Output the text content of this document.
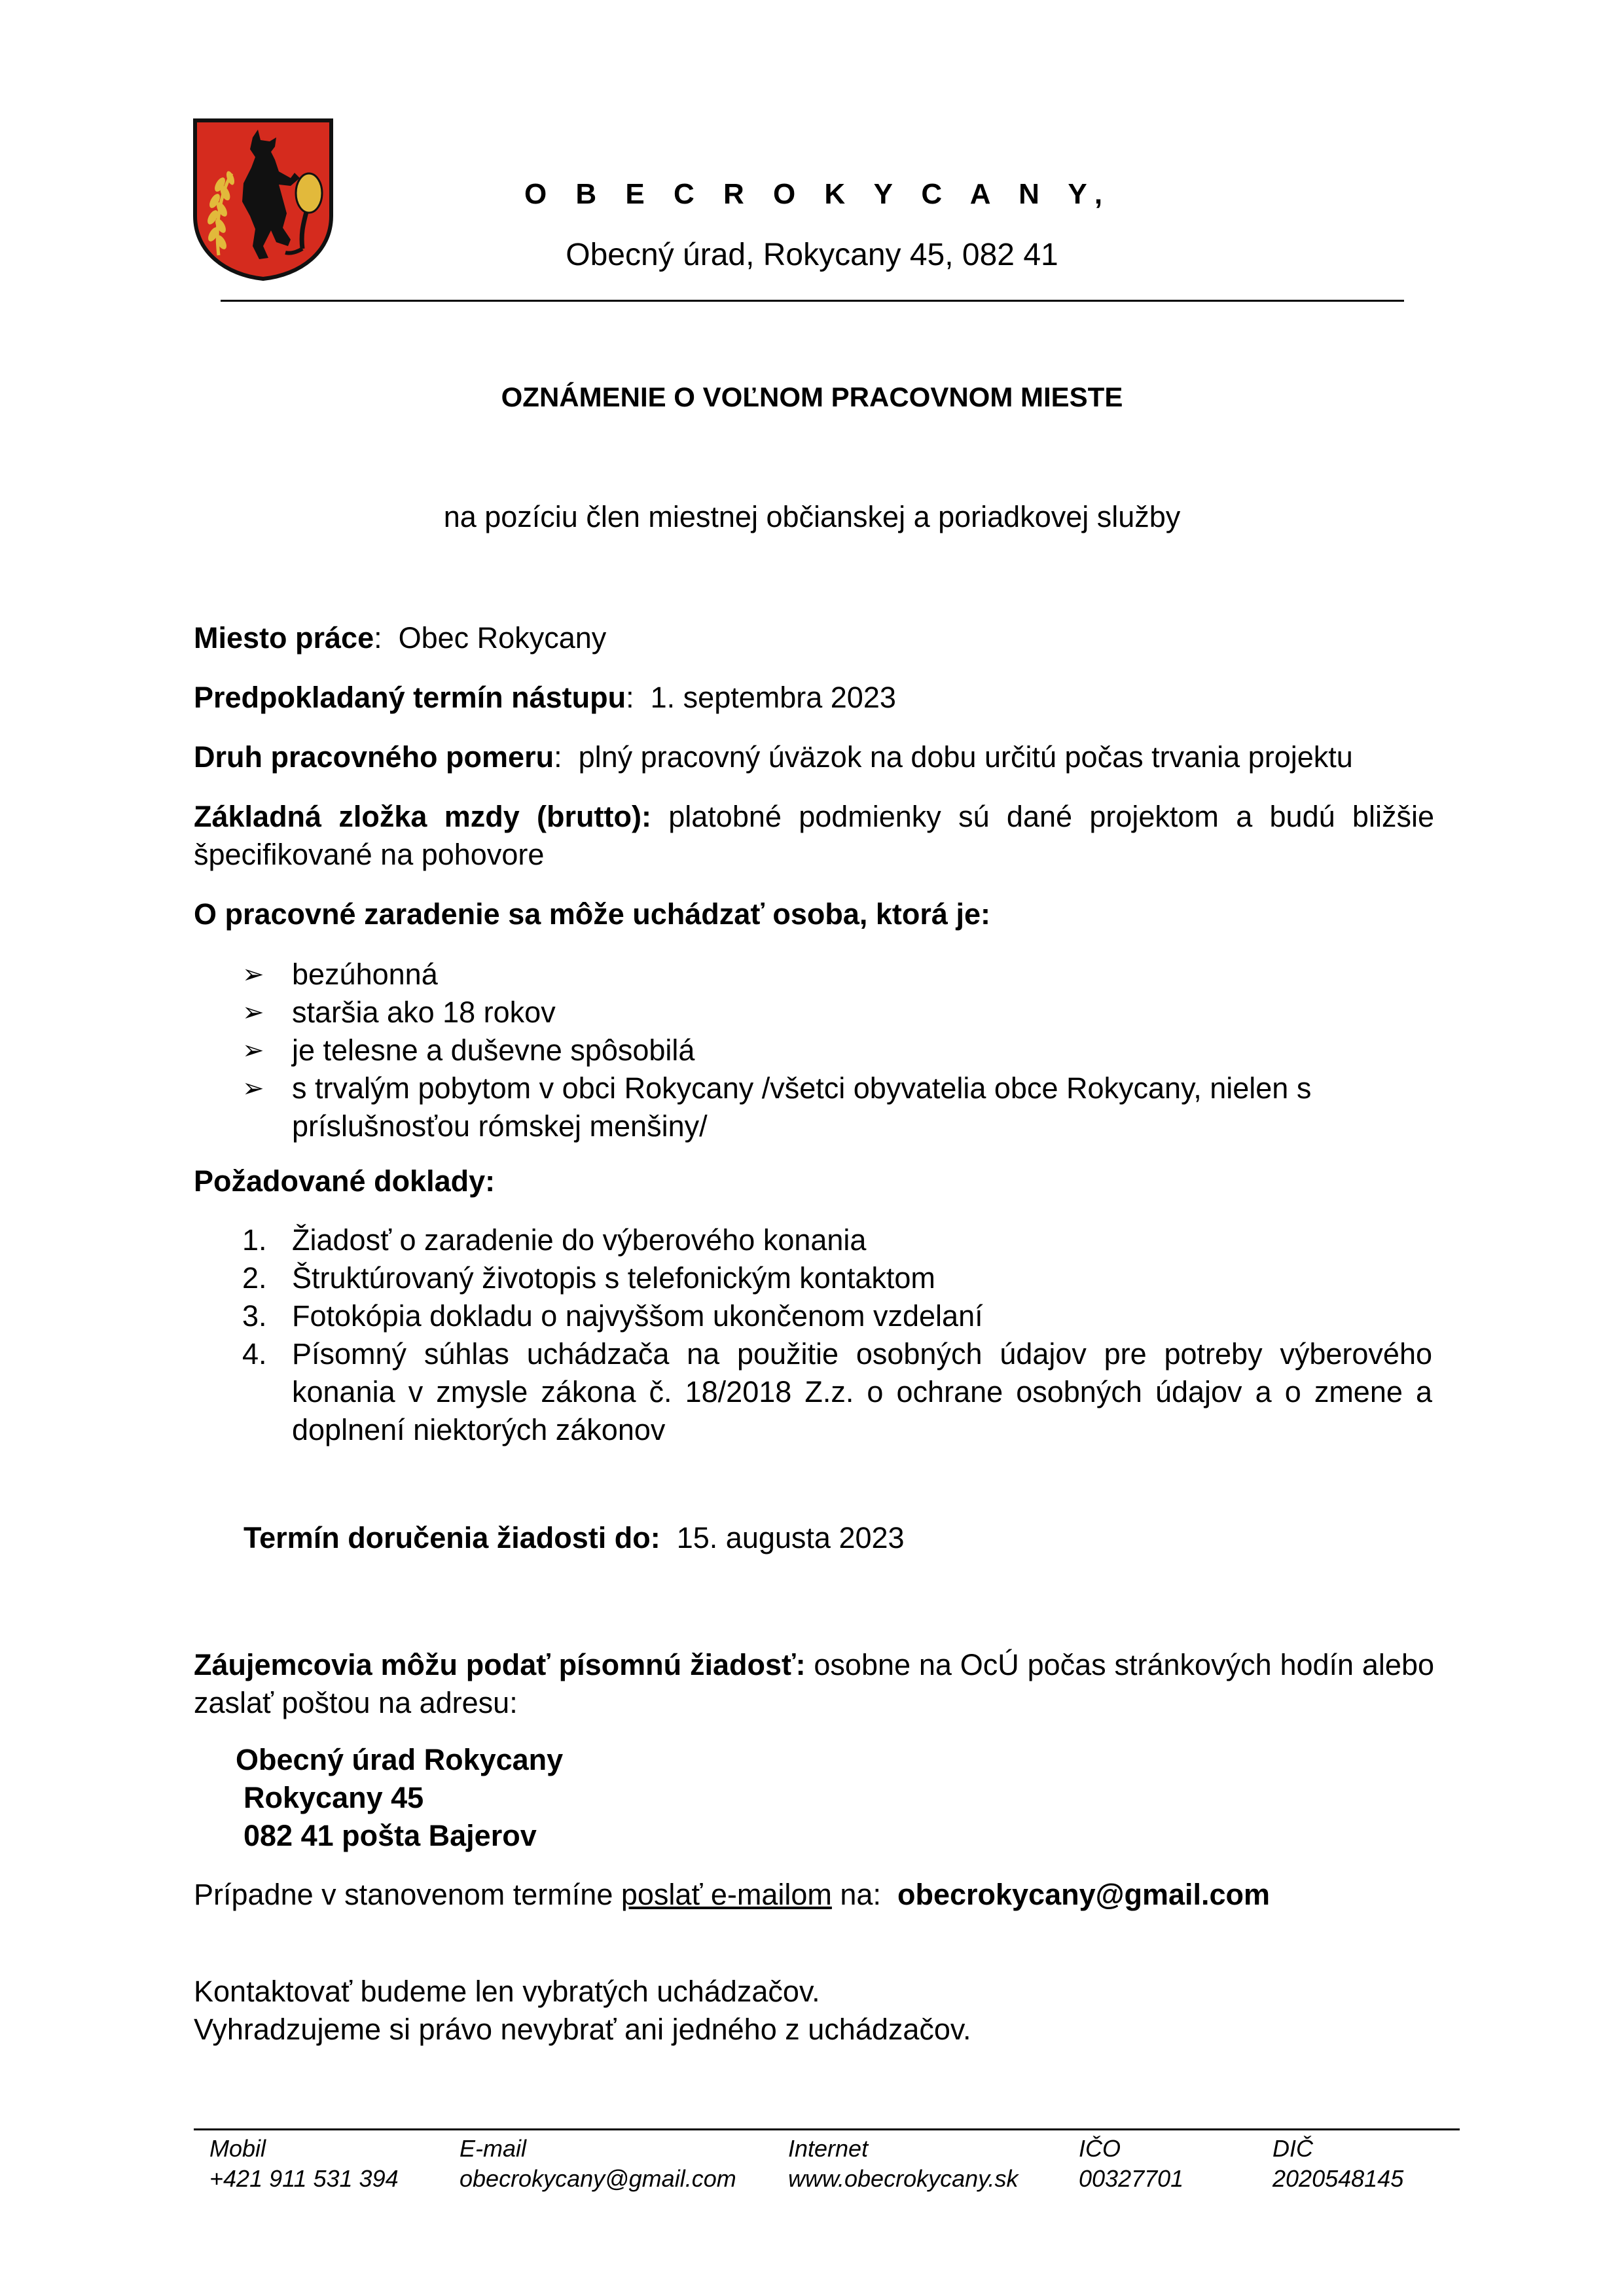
O B E C R O K Y C A N Y,
Obecný úrad, Rokycany 45, 082 41
OZNÁMENIE O VOĽNOM PRACOVNOM MIESTE
na pozíciu člen miestnej občianskej a poriadkovej služby
Miesto práce:  Obec Rokycany
Predpokladaný termín nástupu:  1. septembra 2023
Druh pracovného pomeru:  plný pracovný úväzok na dobu určitú počas trvania projektu
Základná zložka mzdy (brutto): platobné podmienky sú dané projektom a budú bližšie špecifikované na pohovore
O pracovné zaradenie sa môže uchádzať osoba, ktorá je:
➢ bezúhonná
➢ staršia ako 18 rokov
➢ je telesne a duševne spôsobilá
➢ s trvalým pobytom v obci Rokycany /všetci obyvatelia obce Rokycany, nielen s príslušnosťou rómskej menšiny/
Požadované doklady:
1. Žiadosť o zaradenie do výberového konania
2. Štruktúrovaný životopis s telefonickým kontaktom
3. Fotokópia dokladu o najvyššom ukončenom vzdelaní
4. Písomný súhlas uchádzača na použitie osobných údajov pre potreby výberového konania v zmysle zákona č. 18/2018 Z.z. o ochrane osobných údajov a o zmene a doplnení niektorých zákonov
Termín doručenia žiadosti do: 15. augusta 2023
Záujemcovia môžu podať písomnú žiadosť: osobne na OcÚ počas stránkových hodín alebo zaslať poštou na adresu:
Obecný úrad Rokycany
Rokycany 45
082 41 pošta Bajerov
Prípadne v stanovenom termíne poslať e-mailom na: obecrokycany@gmail.com
Kontaktovať budeme len vybratých uchádzačov.
Vyhradzujeme si právo nevybrať ani jedného z uchádzačov.
Mobil
+421 911 531 394
E-mail
obecrokycany@gmail.com
Internet
www.obecrokycany.sk
IČO
00327701
DIČ
2020548145
